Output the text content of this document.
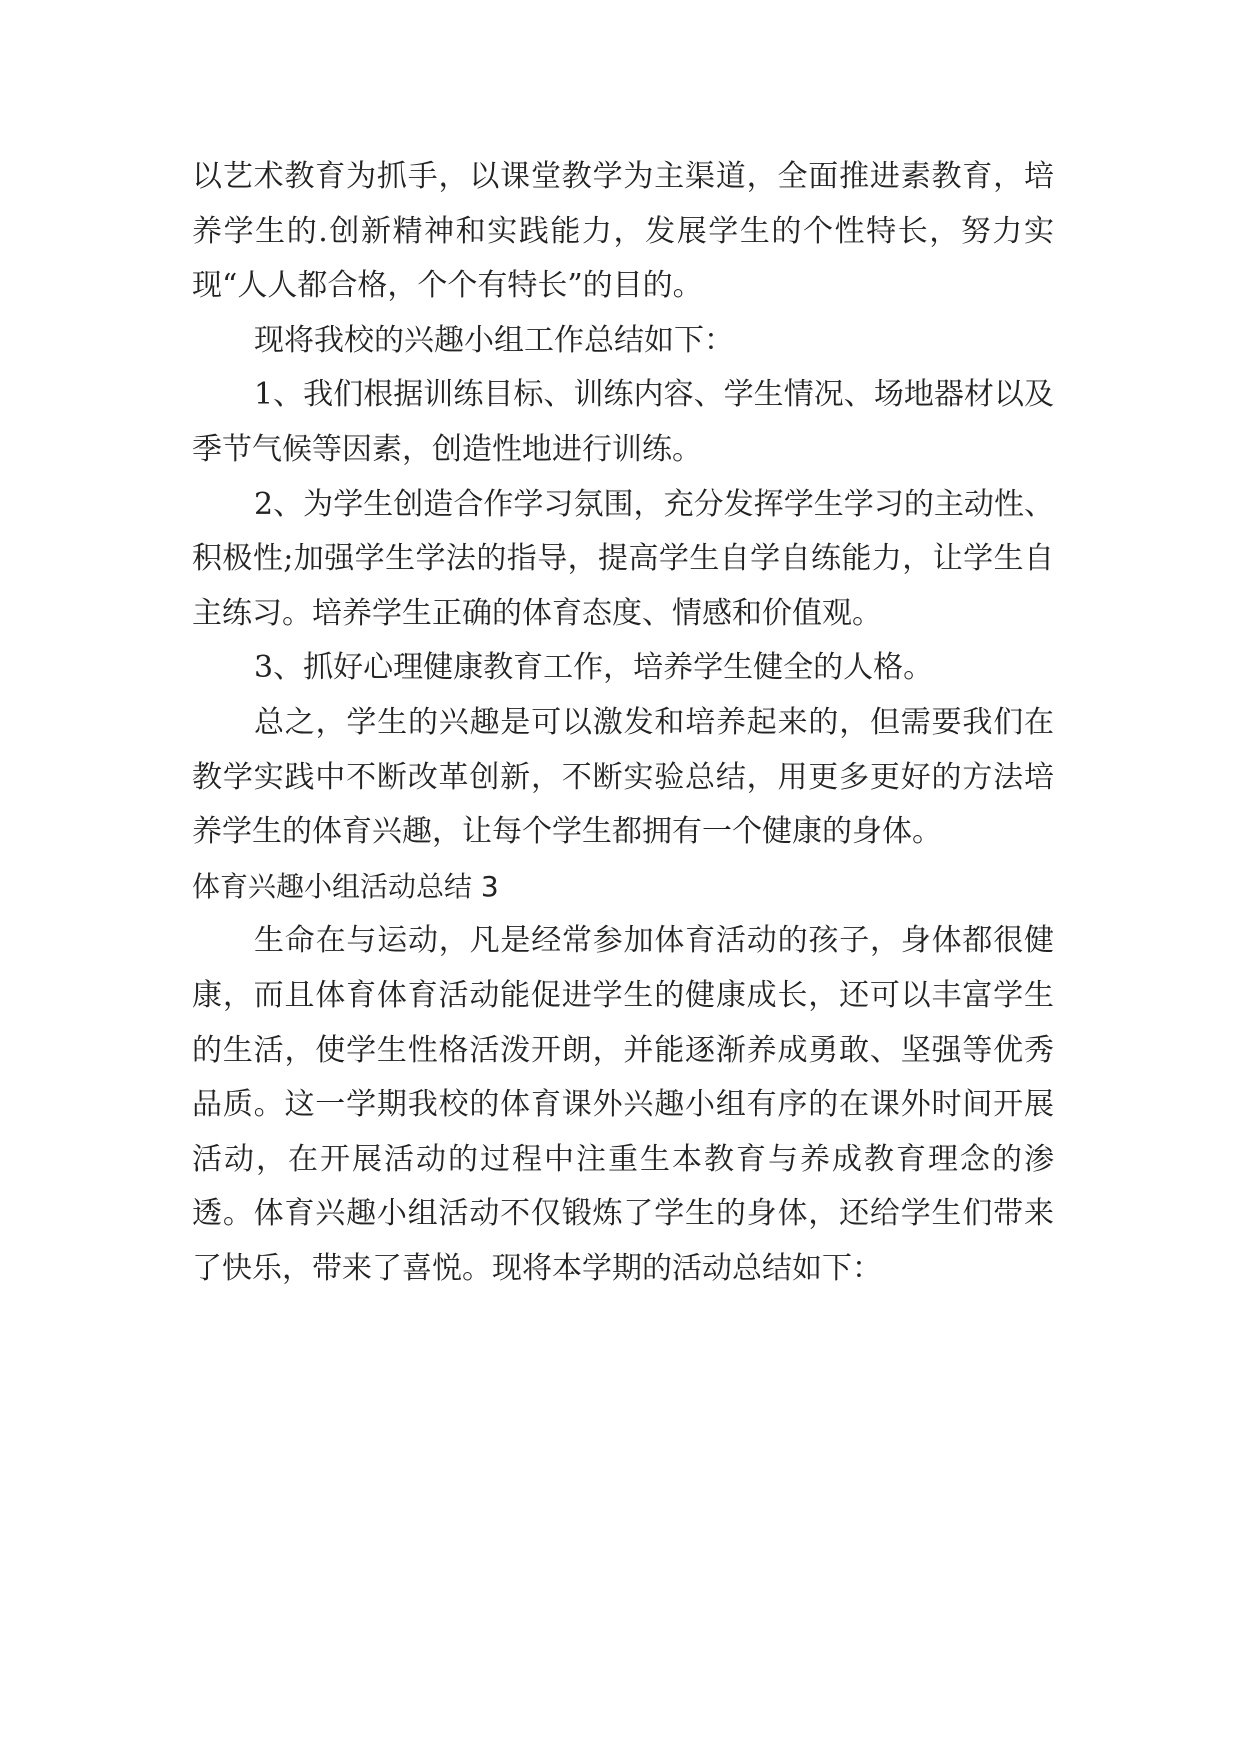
以艺术教育为抓手，以课堂教学为主渠道，全面推进素教育，培养学生的.创新精神和实践能力，发展学生的个性特长，努力实现“人人都合格，个个有特长”的目的。

现将我校的兴趣小组工作总结如下：

1、我们根据训练目标、训练内容、学生情况、场地器材以及季节气候等因素，创造性地进行训练。

2、为学生创造合作学习氛围，充分发挥学生学习的主动性、积极性;加强学生学法的指导，提高学生自学自练能力，让学生自主练习。培养学生正确的体育态度、情感和价值观。

3、抓好心理健康教育工作，培养学生健全的人格。

总之，学生的兴趣是可以激发和培养起来的，但需要我们在教学实践中不断改革创新，不断实验总结，用更多更好的方法培养学生的体育兴趣，让每个学生都拥有一个健康的身体。

体育兴趣小组活动总结 3

生命在与运动，凡是经常参加体育活动的孩子，身体都很健康，而且体育体育活动能促进学生的健康成长，还可以丰富学生的生活，使学生性格活泼开朗，并能逐渐养成勇敢、坚强等优秀品质。这一学期我校的体育课外兴趣小组有序的在课外时间开展活动，在开展活动的过程中注重生本教育与养成教育理念的渗透。体育兴趣小组活动不仅锻炼了学生的身体，还给学生们带来了快乐，带来了喜悦。现将本学期的活动总结如下：
